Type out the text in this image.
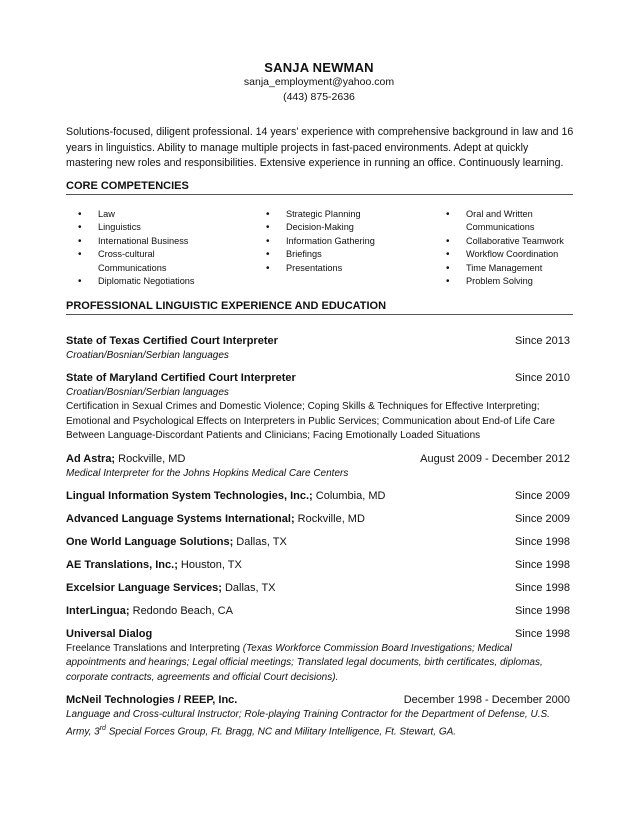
SANJA NEWMAN
sanja_employment@yahoo.com
(443) 875-2636
Solutions-focused, diligent professional. 14 years’ experience with comprehensive background in law and 16 years in linguistics. Ability to manage multiple projects in fast-paced environments. Adept at quickly mastering new roles and responsibilities. Extensive experience in running an office. Continuously learning.
CORE COMPETENCIES
• Law
• Linguistics
• International Business
• Cross-cultural Communications
• Diplomatic Negotiations
• Strategic Planning
• Decision-Making
• Information Gathering
• Briefings
• Presentations
• Oral and Written Communications
• Collaborative Teamwork
• Workflow Coordination
• Time Management
• Problem Solving
PROFESSIONAL LINGUISTIC EXPERIENCE AND EDUCATION
State of Texas Certified Court Interpreter	Since 2013
Croatian/Bosnian/Serbian languages
State of Maryland Certified Court Interpreter	Since 2010
Croatian/Bosnian/Serbian languages
Certification in Sexual Crimes and Domestic Violence; Coping Skills & Techniques for Effective Interpreting; Emotional and Psychological Effects on Interpreters in Public Services; Communication about End-of Life Care Between Language-Discordant Patients and Clinicians; Facing Emotionally Loaded Situations
Ad Astra; Rockville, MD	August 2009 - December 2012
Medical Interpreter for the Johns Hopkins Medical Care Centers
Lingual Information System Technologies, Inc.; Columbia, MD	Since 2009
Advanced Language Systems International; Rockville, MD	Since 2009
One World Language Solutions; Dallas, TX	Since 1998
AE Translations, Inc.; Houston, TX	Since 1998
Excelsior Language Services; Dallas, TX	Since 1998
InterLingua; Redondo Beach, CA	Since 1998
Universal Dialog	Since 1998
Freelance Translations and Interpreting (Texas Workforce Commission Board Investigations; Medical appointments and hearings; Legal official meetings; Translated legal documents, birth certificates, diplomas, corporate contracts, agreements and official Court decisions).
McNeil Technologies / REEP, Inc.	December 1998 - December 2000
Language and Cross-cultural Instructor; Role-playing Training Contractor for the Department of Defense, U.S. Army, 3rd Special Forces Group, Ft. Bragg, NC and Military Intelligence, Ft. Stewart, GA.
